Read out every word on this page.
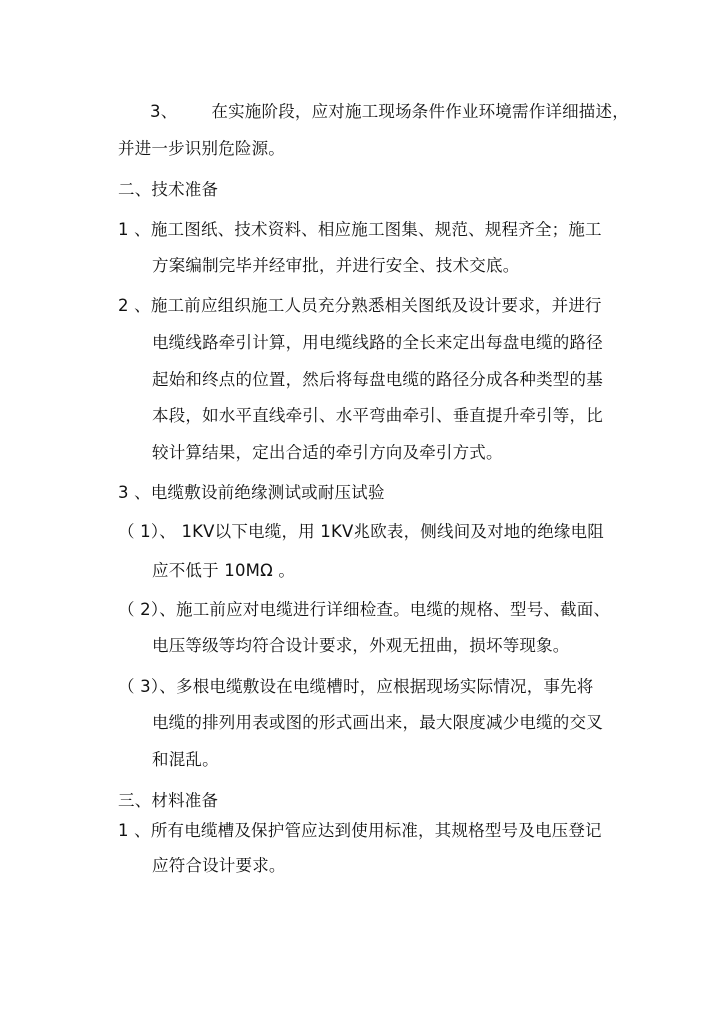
3、 在实施阶段，应对施工现场条件作业环境需作详细描述，
并进一步识别危险源。
二、技术准备
1 、施工图纸、技术资料、相应施工图集、规范、规程齐全；施工
方案编制完毕并经审批，并进行安全、技术交底。
2 、施工前应组织施工人员充分熟悉相关图纸及设计要求，并进行
电缆线路牵引计算，用电缆线路的全长来定出每盘电缆的路径
起始和终点的位置，然后将每盘电缆的路径分成各种类型的基
本段，如水平直线牵引、水平弯曲牵引、垂直提升牵引等，比
较计算结果，定出合适的牵引方向及牵引方式。
3 、电缆敷设前绝缘测试或耐压试验
（ 1）、 1KV以下电缆，用 1KV兆欧表，侧线间及对地的绝缘电阻
应不低于 10MΩ 。
（ 2）、施工前应对电缆进行详细检查。电缆的规格、型号、截面、
电压等级等均符合设计要求，外观无扭曲，损坏等现象。
（ 3）、多根电缆敷设在电缆槽时，应根据现场实际情况，事先将
电缆的排列用表或图的形式画出来，最大限度减少电缆的交叉
和混乱。
三、材料准备
1 、所有电缆槽及保护管应达到使用标准，其规格型号及电压登记
应符合设计要求。
